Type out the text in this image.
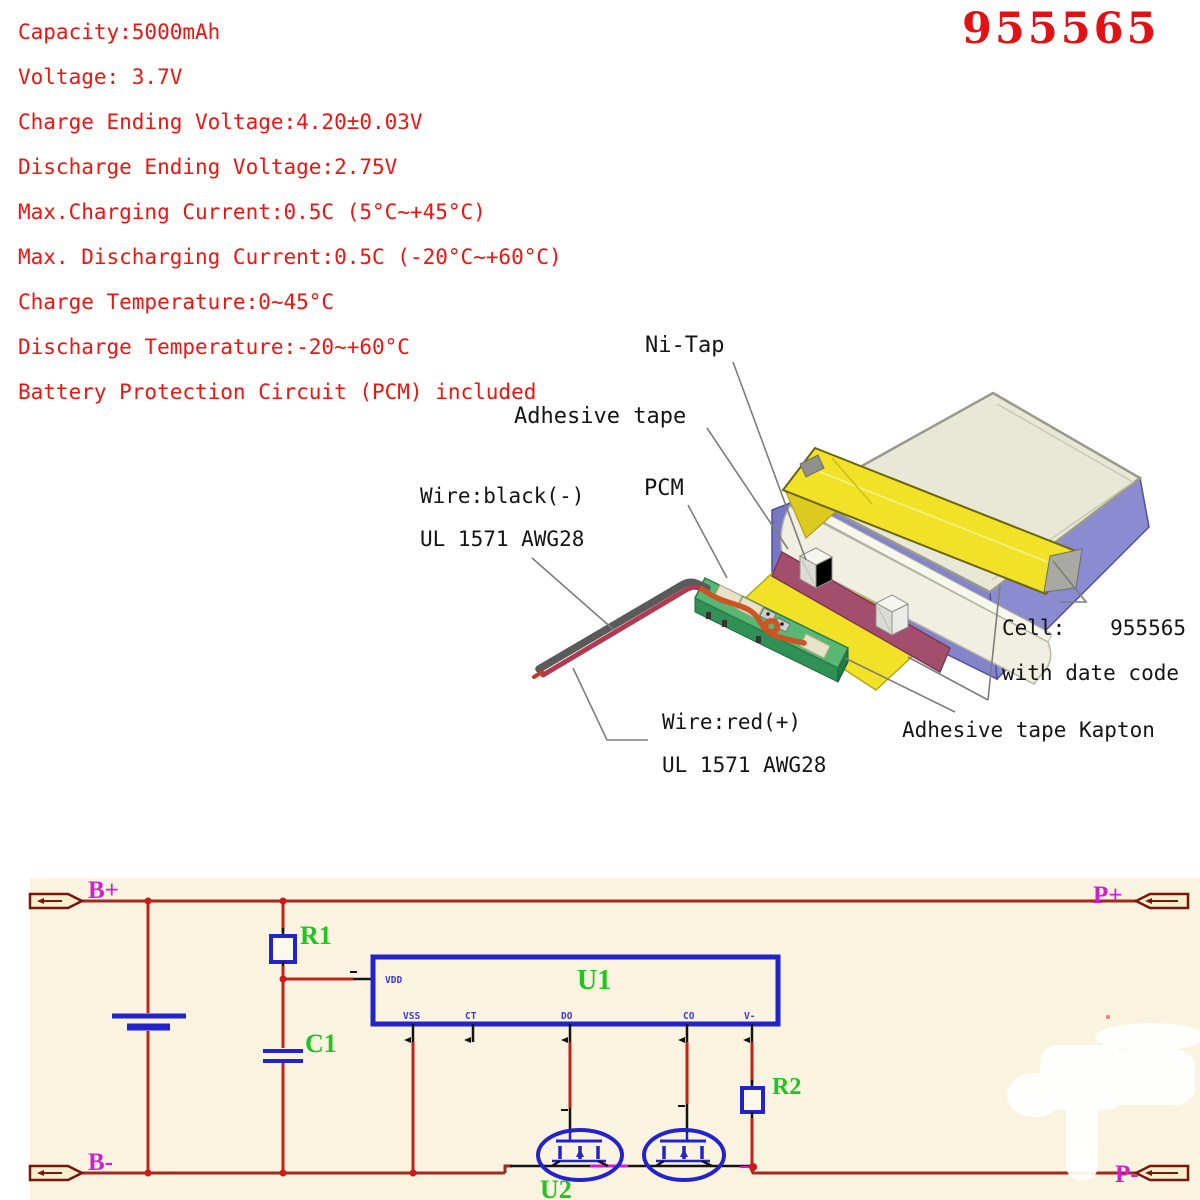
Capacity:5000mAh
Voltage: 3.7V
Charge Ending Voltage:4.20±0.03V
Discharge Ending Voltage:2.75V
Max.Charging Current:0.5C (5°C~+45°C)
Max. Discharging Current:0.5C (-20°C~+60°C)
Charge Temperature:0~45°C
Discharge Temperature:-20~+60°C
Battery Protection Circuit (PCM) included
955565
Ni-Tap
Adhesive tape
PCM
Wire:black(-)
UL 1571 AWG28
Wire:red(+)
UL 1571 AWG28
Cell: 955565
with date code
Adhesive tape Kapton
VDD
VSS	CT	DO	CO	V-
B+
B-
P+
P-
R1
C1
U1
R2
U2
